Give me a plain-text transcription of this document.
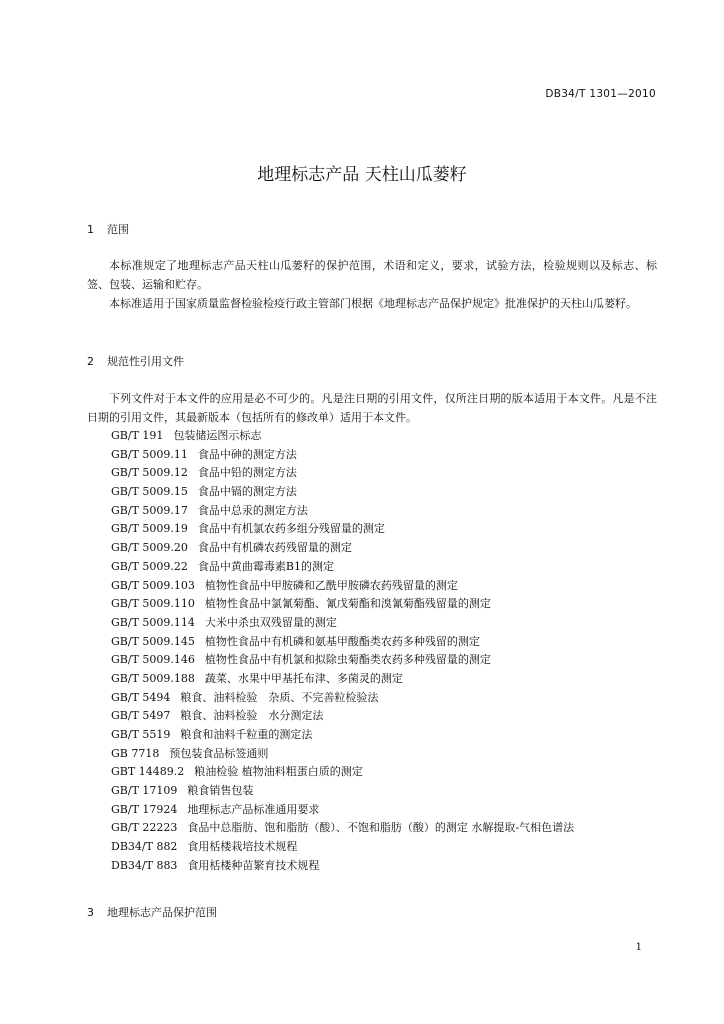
DB34/T 1301—2010
地理标志产品 天柱山瓜蒌籽
1 范围

本标准规定了地理标志产品天柱山瓜蒌籽的保护范围，术语和定义，要求，试验方法，检验规则以及标志、标签、包装、运输和贮存。

本标准适用于国家质量监督检验检疫行政主管部门根据《地理标志产品保护规定》批准保护的天柱山瓜蒌籽。

2 规范性引用文件

下列文件对于本文件的应用是必不可少的。凡是注日期的引用文件，仅所注日期的版本适用于本文件。凡是不注日期的引用文件，其最新版本（包括所有的修改单）适用于本文件。

GB/T 191 包装储运图示标志
GB/T 5009.11 食品中砷的测定方法
GB/T 5009.12 食品中铅的测定方法
GB/T 5009.15 食品中镉的测定方法
GB/T 5009.17 食品中总汞的测定方法
GB/T 5009.19 食品中有机氯农药多组分残留量的测定
GB/T 5009.20 食品中有机磷农药残留量的测定
GB/T 5009.22 食品中黄曲霉毒素B1的测定
GB/T 5009.103 植物性食品中甲胺磷和乙酰甲胺磷农药残留量的测定
GB/T 5009.110 植物性食品中氯氰菊酯、氰戊菊酯和溴氰菊酯残留量的测定
GB/T 5009.114 大米中杀虫双残留量的测定
GB/T 5009.145 植物性食品中有机磷和氨基甲酸酯类农药多种残留的测定
GB/T 5009.146 植物性食品中有机氯和拟除虫菊酯类农药多种残留量的测定
GB/T 5009.188 蔬菜、水果中甲基托布津、多菌灵的测定
GB/T 5494 粮食、油料检验　杂质、不完善粒检验法
GB/T 5497 粮食、油料检验　水分测定法
GB/T 5519 粮食和油料千粒重的测定法
GB 7718 预包装食品标签通则
GBT 14489.2 粮油检验 植物油料粗蛋白质的测定
GB/T 17109 粮食销售包装
GB/T 17924 地理标志产品标准通用要求
GB/T 22223 食品中总脂肪、饱和脂肪（酸）、不饱和脂肪（酸）的测定 水解提取-气相色谱法
DB34/T 882 食用栝楼栽培技术规程
DB34/T 883 食用栝楼种苗繁育技术规程
3 地理标志产品保护范围
1
